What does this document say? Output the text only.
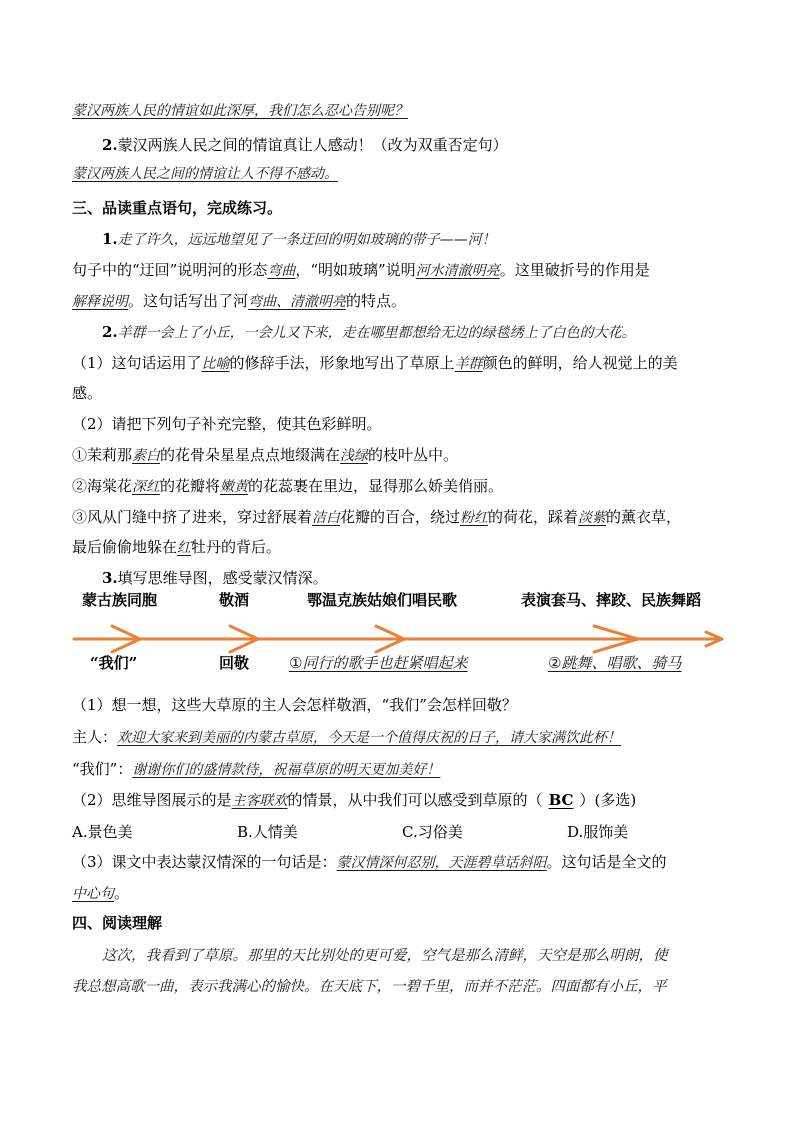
蒙汉两族人民的情谊如此深厚，我们怎么忍心告别呢？
2.蒙汉两族人民之间的情谊真让人感动！（改为双重否定句）
蒙汉两族人民之间的情谊让人不得不感动。
三、品读重点语句，完成练习。
1.走了许久，远远地望见了一条迂回的明如玻璃的带子——河！
句子中的“迂回”说明河的形态弯曲，“明如玻璃”说明河水清澈明亮。这里破折号的作用是
解释说明。这句话写出了河弯曲、清澈明亮的特点。
2.羊群一会上了小丘，一会儿又下来，走在哪里都想给无边的绿毯绣上了白色的大花。
（1）这句话运用了比喻的修辞手法，形象地写出了草原上羊群颜色的鲜明，给人视觉上的美
感。
（2）请把下列句子补充完整，使其色彩鲜明。
①茉莉那素白的花骨朵星星点点地缀满在浅绿的枝叶丛中。
②海棠花深红的花瓣将嫩黄的花蕊裹在里边，显得那么娇美俏丽。
③风从门缝中挤了进来，穿过舒展着洁白花瓣的百合，绕过粉红的荷花，踩着淡紫的薰衣草，
最后偷偷地躲在红牡丹的背后。
3.填写思维导图，感受蒙汉情深。
蒙古族同胞	敬酒	鄂温克族姑娘们唱民歌	表演套马、摔跤、民族舞蹈
“我们”	回敬	①同行的歌手也赶紧唱起来	②跳舞、唱歌、骑马
（1）想一想，这些大草原的主人会怎样敬酒，“我们”会怎样回敬？
主人：欢迎大家来到美丽的内蒙古草原，今天是一个值得庆祝的日子，请大家满饮此杯！
“我们”：谢谢你们的盛情款待，祝福草原的明天更加美好！
（2）思维导图展示的是主客联欢的情景，从中我们可以感受到草原的（ BC ）(多选)
A.景色美	B.人情美	C.习俗美	D.服饰美
（3）课文中表达蒙汉情深的一句话是：蒙汉情深何忍别，天涯碧草话斜阳。这句话是全文的
中心句。
四、阅读理解
这次，我看到了草原。那里的天比别处的更可爱，空气是那么清鲜，天空是那么明朗，使
我总想高歌一曲，表示我满心的愉快。在天底下，一碧千里，而并不茫茫。四面都有小丘，平
